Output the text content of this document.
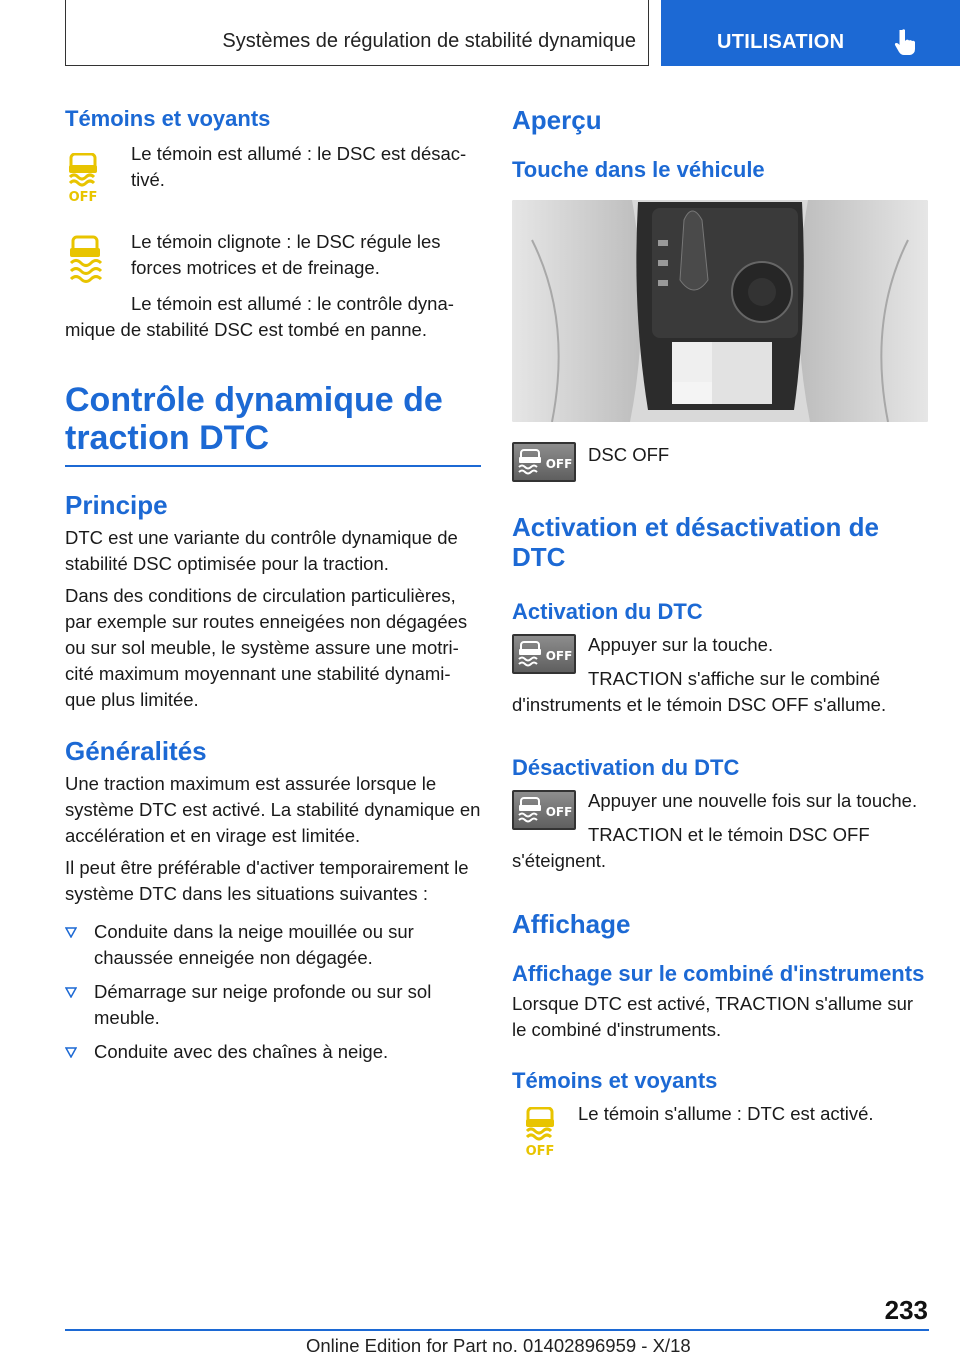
Systèmes de régulation de stabilité dynamique	UTILISATION
Témoins et voyants
OFF
Le témoin est allumé : le DSC est désac-tivé.
Le témoin clignote : le DSC régule les forces motrices et de freinage.
Le témoin est allumé : le contrôle dyna-mique de stabilité DSC est tombé en panne.
Contrôle dynamique de traction DTC
Principe
DTC est une variante du contrôle dynamique de stabilité DSC optimisée pour la traction.
Dans des conditions de circulation particulières, par exemple sur routes enneigées non dégagées ou sur sol meuble, le système assure une motri-cité maximum moyennant une stabilité dynami-que plus limitée.
Généralités
Une traction maximum est assurée lorsque le système DTC est activé. La stabilité dynamique en accélération et en virage est limitée.
Il peut être préférable d'activer temporairement le système DTC dans les situations suivantes :
Conduite dans la neige mouillée ou sur chaussée enneigée non dégagée.
Démarrage sur neige profonde ou sur sol meuble.
Conduite avec des chaînes à neige.
Aperçu
Touche dans le véhicule
OFF DSC OFF
Activation et désactivation de DTC
Activation du DTC
OFF
Appuyer sur la touche.
TRACTION s'affiche sur le combiné d'instruments et le témoin DSC OFF s'allume.
Désactivation du DTC
OFF
Appuyer une nouvelle fois sur la touche.
TRACTION et le témoin DSC OFF s'éteignent.
Affichage
Affichage sur le combiné d'instruments
Lorsque DTC est activé, TRACTION s'allume sur le combiné d'instruments.
Témoins et voyants
OFF
Le témoin s'allume : DTC est activé.
233
Online Edition for Part no. 01402896959 - X/18
